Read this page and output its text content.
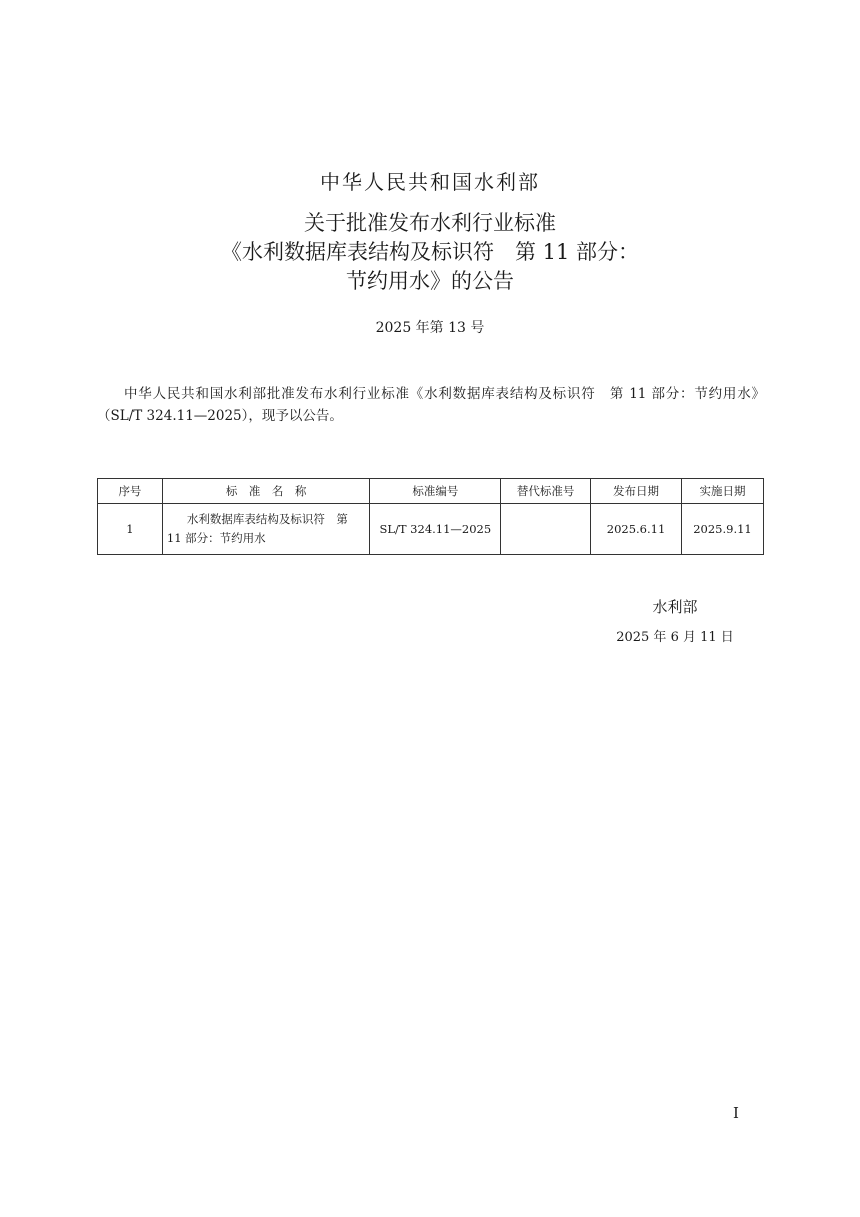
中华人民共和国水利部
关于批准发布水利行业标准
《水利数据库表结构及标识符　第 11 部分：
节约用水》的公告
2025 年第 13 号
中华人民共和国水利部批准发布水利行业标准《水利数据库表结构及标识符　第 11 部分：节约用水》（SL/T 324.11—2025），现予以公告。
序号	标　准　名　称	标准编号	替代标准号	发布日期	实施日期
1	水利数据库表结构及标识符　第 11 部分：节约用水	SL/T 324.11—2025		2025.6.11	2025.9.11
水利部
2025 年 6 月 11 日
I
